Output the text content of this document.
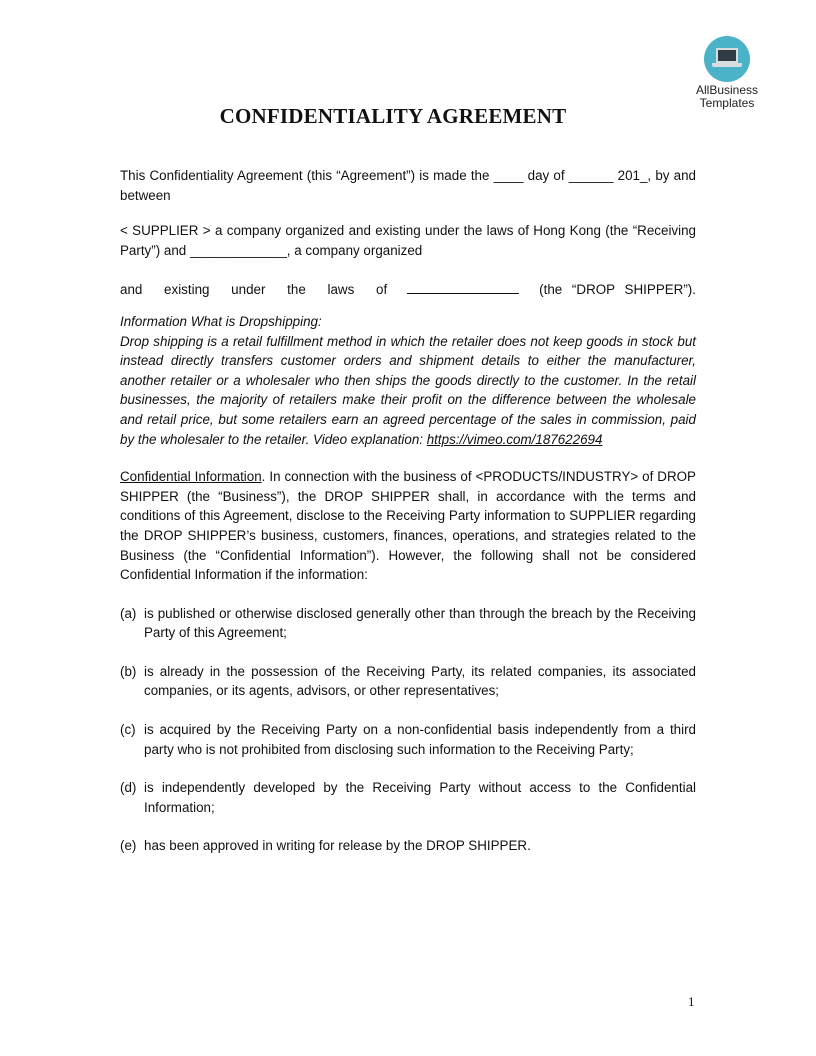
AllBusiness
Templates
CONFIDENTIALITY AGREEMENT

This Confidentiality Agreement (this “Agreement”) is made the ____ day of ______ 201_, by and between

< SUPPLIER > a company organized and existing under the laws of Hong Kong (the “Receiving Party”) and _____________, a company organized

and existing under the laws of	(the “DROP SHIPPER”).

Information What is Dropshipping:
Drop shipping is a retail fulfillment method in which the retailer does not keep goods in stock but instead directly transfers customer orders and shipment details to either the manufacturer, another retailer or a wholesaler who then ships the goods directly to the customer. In the retail businesses, the majority of retailers make their profit on the difference between the wholesale and retail price, but some retailers earn an agreed percentage of the sales in commission, paid by the wholesaler to the retailer. Video explanation: https://vimeo.com/187622694

Confidential Information. In connection with the business of <PRODUCTS/INDUSTRY> of DROP SHIPPER (the “Business”), the DROP SHIPPER shall, in accordance with the terms and conditions of this Agreement, disclose to the Receiving Party information to SUPPLIER regarding the DROP SHIPPER’s business, customers, finances, operations, and strategies related to the Business (the “Confidential Information”). However, the following shall not be considered Confidential Information if the information:

(a) is published or otherwise disclosed generally other than through the breach by the Receiving Party of this Agreement;
(b) is already in the possession of the Receiving Party, its related companies, its associated companies, or its agents, advisors, or other representatives;
(c) is acquired by the Receiving Party on a non-confidential basis independently from a third party who is not prohibited from disclosing such information to the Receiving Party;
(d) is independently developed by the Receiving Party without access to the Confidential Information;
(e) has been approved in writing for release by the DROP SHIPPER.
1
